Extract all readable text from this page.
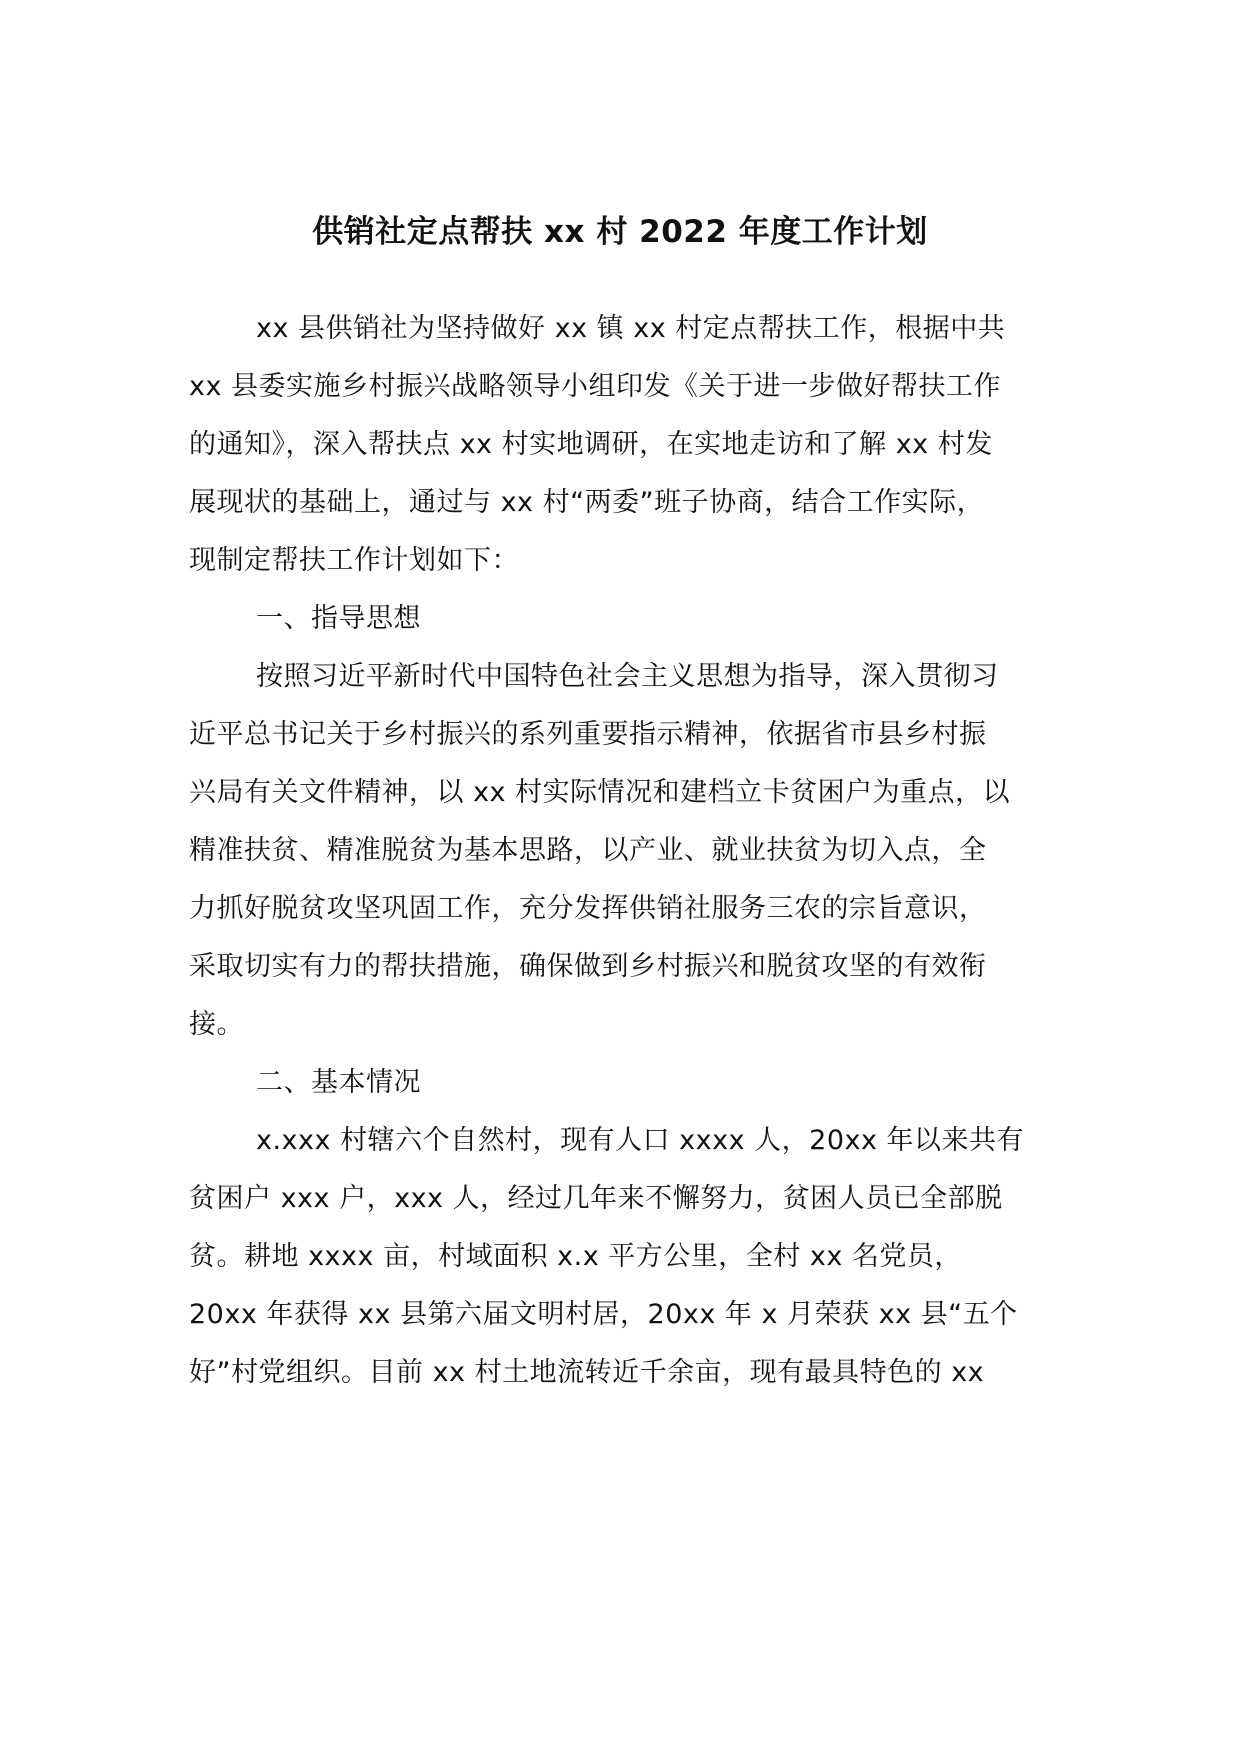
供销社定点帮扶 xx 村 2022 年度工作计划
xx 县供销社为坚持做好 xx 镇 xx 村定点帮扶工作，根据中共
xx 县委实施乡村振兴战略领导小组印发《关于进一步做好帮扶工作
的通知》，深入帮扶点 xx 村实地调研，在实地走访和了解 xx 村发
展现状的基础上，通过与 xx 村“两委”班子协商，结合工作实际，
现制定帮扶工作计划如下：
一、指导思想
按照习近平新时代中国特色社会主义思想为指导，深入贯彻习
近平总书记关于乡村振兴的系列重要指示精神，依据省市县乡村振
兴局有关文件精神，以 xx 村实际情况和建档立卡贫困户为重点，以
精准扶贫、精准脱贫为基本思路，以产业、就业扶贫为切入点，全
力抓好脱贫攻坚巩固工作，充分发挥供销社服务三农的宗旨意识，
采取切实有力的帮扶措施，确保做到乡村振兴和脱贫攻坚的有效衔
接。
二、基本情况
x.xxx 村辖六个自然村，现有人口 xxxx 人，20xx 年以来共有
贫困户 xxx 户，xxx 人，经过几年来不懈努力，贫困人员已全部脱
贫。耕地 xxxx 亩，村域面积 x.x 平方公里，全村 xx 名党员，
20xx 年获得 xx 县第六届文明村居，20xx 年 x 月荣获 xx 县“五个
好”村党组织。目前 xx 村土地流转近千余亩，现有最具特色的 xx
